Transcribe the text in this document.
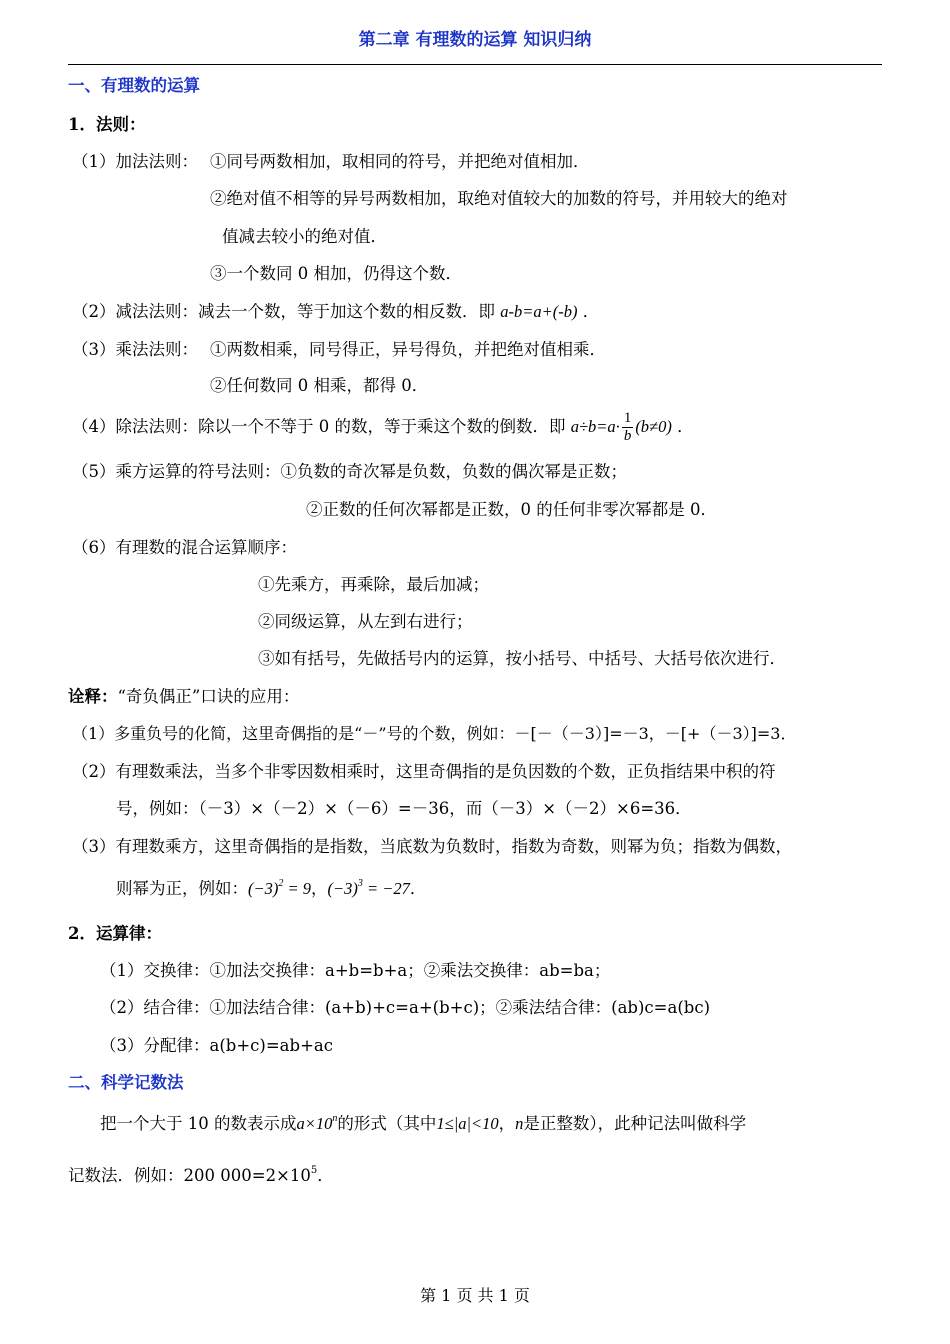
第二章 有理数的运算 知识归纳
一、有理数的运算
1．法则：
（1）加法法则： ①同号两数相加，取相同的符号，并把绝对值相加．
②绝对值不相等的异号两数相加，取绝对值较大的加数的符号，并用较大的绝对
值减去较小的绝对值．
③一个数同 0 相加，仍得这个数．
（2）减法法则：减去一个数，等于加这个数的相反数．即 a-b=a+(-b) ．
（3）乘法法则： ①两数相乘，同号得正，异号得负，并把绝对值相乘．
②任何数同 0 相乘，都得 0．
（4）除法法则：除以一个不等于 0 的数，等于乘这个数的倒数．即 $a\div b=a\cdot \frac{1}{b} (b\ne 0)$ ．
（5）乘方运算的符号法则：①负数的奇次幂是负数，负数的偶次幂是正数；
②正数的任何次幂都是正数，0 的任何非零次幂都是 0．
（6）有理数的混合运算顺序：
①先乘方，再乘除，最后加减；
②同级运算，从左到右进行；
③如有括号，先做括号内的运算，按小括号、中括号、大括号依次进行．
诠释：“奇负偶正”口诀的应用：
（1）多重负号的化简，这里奇偶指的是“－”号的个数，例如：－[－（－3）]=－3，－[+（－3）]=3．
（2）有理数乘法，当多个非零因数相乘时，这里奇偶指的是负因数的个数，正负指结果中积的符
号，例如：（－3）×（－2）×（－6）=－36，而（－3）×（－2）×6=36．
（3）有理数乘方，这里奇偶指的是指数，当底数为负数时，指数为奇数，则幂为负；指数为偶数，
则幂为正，例如：$(-3)^2 = 9$，$(-3)^3 = -27$．
2．运算律：
（1）交换律：①加法交换律：a+b=b+a；②乘法交换律：ab=ba；
（2）结合律：①加法结合律：(a+b)+c=a+(b+c)；②乘法结合律：(ab)c=a(bc)
（3）分配律：a(b+c)=ab+ac
二、科学记数法
把一个大于 10 的数表示成$a\times 10^n$的形式（其中1≤|a|<10，n是正整数），此种记法叫做科学
记数法．例如：200 $000=2\times 10^5$．
第 1 页 共 1 页
